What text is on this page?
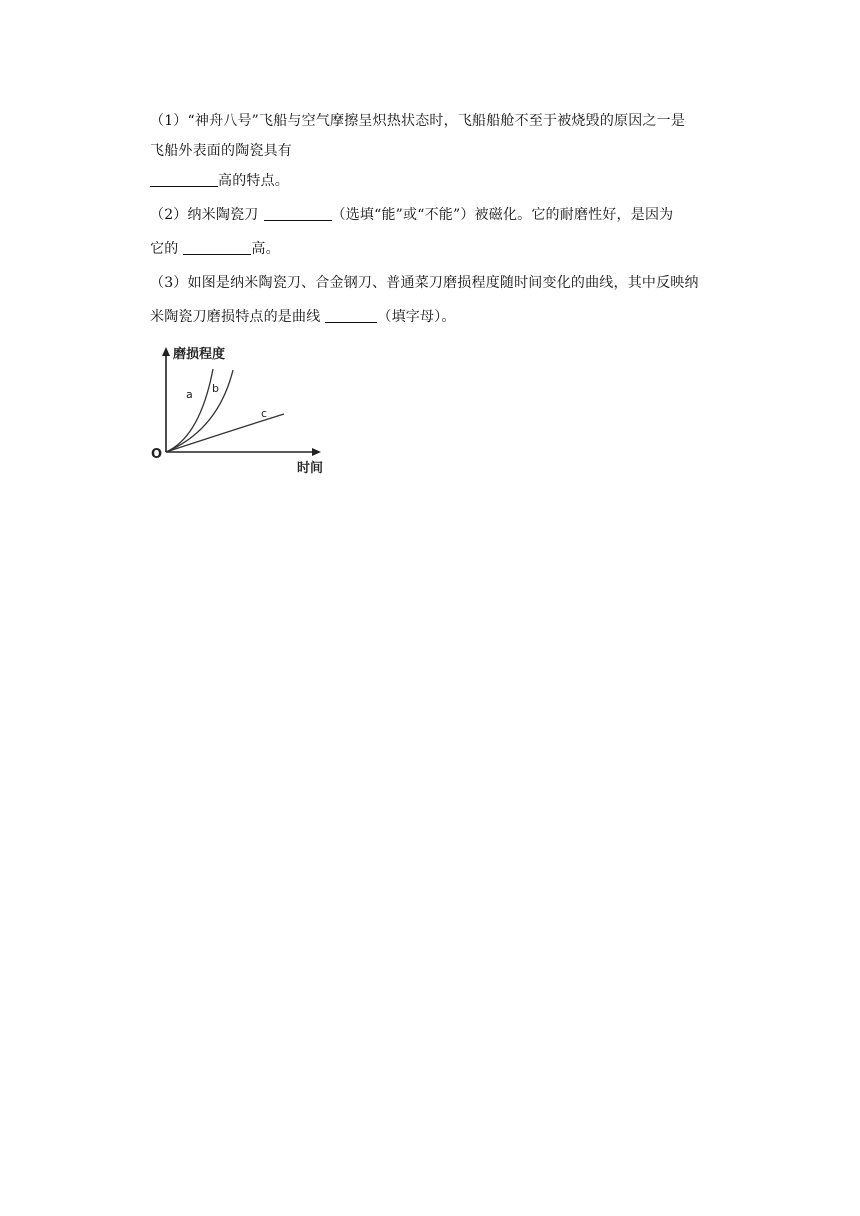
（1）“神舟八号”飞船与空气摩擦呈炽热状态时，飞船船舱不至于被烧毁的原因之一是
飞船外表面的陶瓷具有
高的特点。
（2）纳米陶瓷刀	（选填“能”或“不能”）被磁化。它的耐磨性好，是因为
它的	高。
（3）如图是纳米陶瓷刀、合金钢刀、普通菜刀磨损程度随时间变化的曲线，其中反映纳
米陶瓷刀磨损特点的是曲线	（填字母）。
磨损程度
时间
O
a b
c
